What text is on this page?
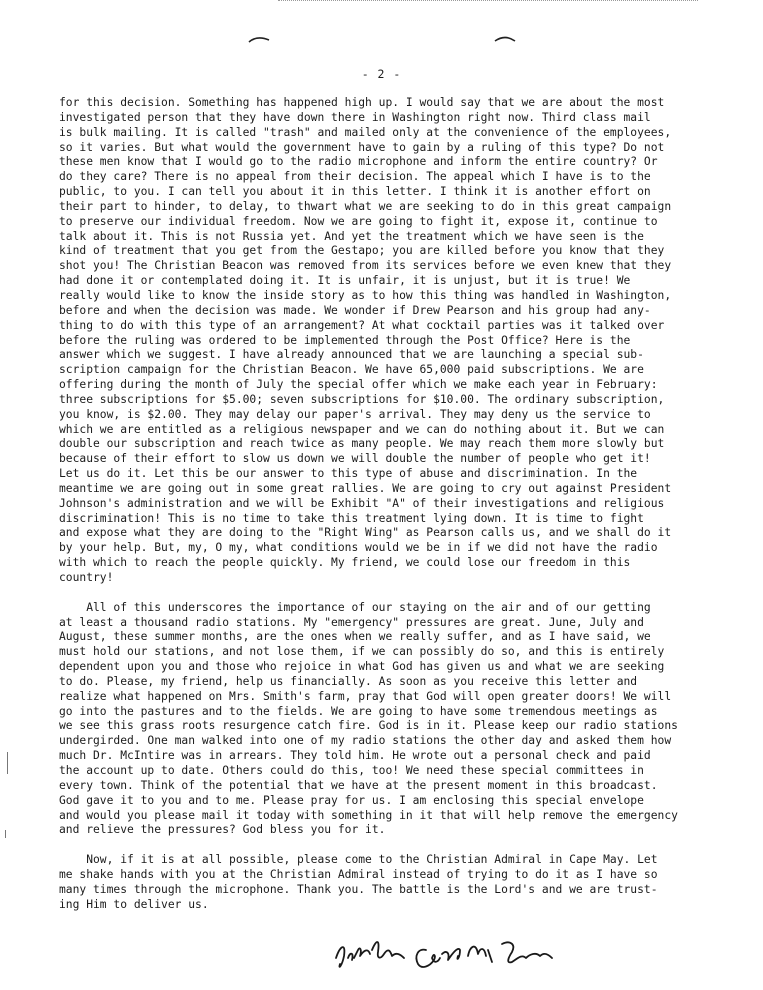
- 2 -

for this decision. Something has happened high up. I would say that we are about the most
investigated person that they have down there in Washington right now. Third class mail
is bulk mailing. It is called "trash" and mailed only at the convenience of the employees,
so it varies. But what would the government have to gain by a ruling of this type? Do not
these men know that I would go to the radio microphone and inform the entire country? Or
do they care? There is no appeal from their decision. The appeal which I have is to the
public, to you. I can tell you about it in this letter. I think it is another effort on
their part to hinder, to delay, to thwart what we are seeking to do in this great campaign
to preserve our individual freedom. Now we are going to fight it, expose it, continue to
talk about it. This is not Russia yet. And yet the treatment which we have seen is the
kind of treatment that you get from the Gestapo; you are killed before you know that they
shot you! The Christian Beacon was removed from its services before we even knew that they
had done it or contemplated doing it. It is unfair, it is unjust, but it is true! We
really would like to know the inside story as to how this thing was handled in Washington,
before and when the decision was made. We wonder if Drew Pearson and his group had any-
thing to do with this type of an arrangement? At what cocktail parties was it talked over
before the ruling was ordered to be implemented through the Post Office? Here is the
answer which we suggest. I have already announced that we are launching a special sub-
scription campaign for the Christian Beacon. We have 65,000 paid subscriptions. We are
offering during the month of July the special offer which we make each year in February:
three subscriptions for $5.00; seven subscriptions for $10.00. The ordinary subscription,
you know, is $2.00. They may delay our paper's arrival. They may deny us the service to
which we are entitled as a religious newspaper and we can do nothing about it. But we can
double our subscription and reach twice as many people. We may reach them more slowly but
because of their effort to slow us down we will double the number of people who get it!
Let us do it. Let this be our answer to this type of abuse and discrimination. In the
meantime we are going out in some great rallies. We are going to cry out against President
Johnson's administration and we will be Exhibit "A" of their investigations and religious
discrimination! This is no time to take this treatment lying down. It is time to fight
and expose what they are doing to the "Right Wing" as Pearson calls us, and we shall do it
by your help. But, my, O my, what conditions would we be in if we did not have the radio
with which to reach the people quickly. My friend, we could lose our freedom in this
country!

All of this underscores the importance of our staying on the air and of our getting
at least a thousand radio stations. My "emergency" pressures are great. June, July and
August, these summer months, are the ones when we really suffer, and as I have said, we
must hold our stations, and not lose them, if we can possibly do so, and this is entirely
dependent upon you and those who rejoice in what God has given us and what we are seeking
to do. Please, my friend, help us financially. As soon as you receive this letter and
realize what happened on Mrs. Smith's farm, pray that God will open greater doors! We will
go into the pastures and to the fields. We are going to have some tremendous meetings as
we see this grass roots resurgence catch fire. God is in it. Please keep our radio stations
undergirded. One man walked into one of my radio stations the other day and asked them how
much Dr. McIntire was in arrears. They told him. He wrote out a personal check and paid
the account up to date. Others could do this, too! We need these special committees in
every town. Think of the potential that we have at the present moment in this broadcast.
God gave it to you and to me. Please pray for us. I am enclosing this special envelope
and would you please mail it today with something in it that will help remove the emergency
and relieve the pressures? God bless you for it.

Now, if it is at all possible, please come to the Christian Admiral in Cape May. Let
me shake hands with you at the Christian Admiral instead of trying to do it as I have so
many times through the microphone. Thank you. The battle is the Lord's and we are trust-
ing Him to deliver us.
